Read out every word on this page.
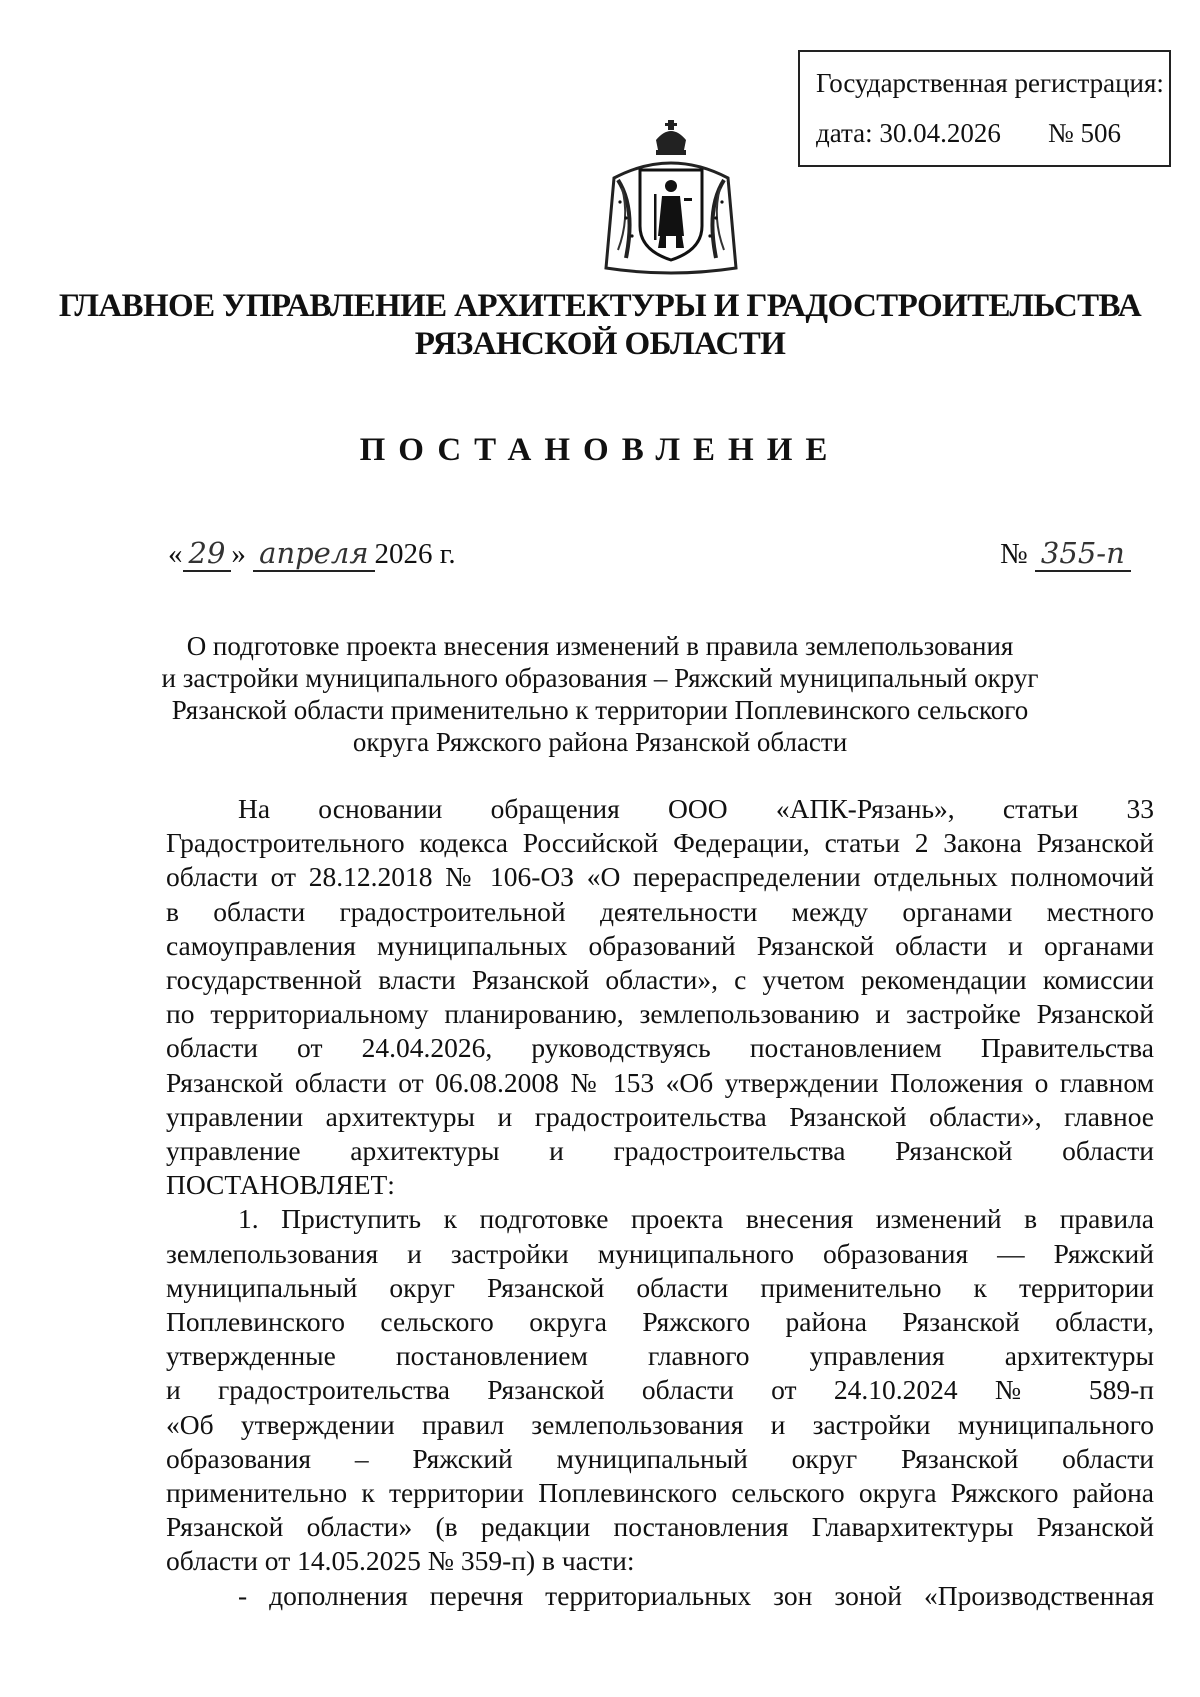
Государственная регистрация:
дата: 30.04.2026 № 506
ГЛАВНОЕ УПРАВЛЕНИЕ АРХИТЕКТУРЫ И ГРАДОСТРОИТЕЛЬСТВА
РЯЗАНСКОЙ ОБЛАСТИ
ПОСТАНОВЛЕНИЕ
« 29 » апреля 2026 г.	№ 355-п
О подготовке проекта внесения изменений в правила землепользования
и застройки муниципального образования – Ряжский муниципальный округ
Рязанской области применительно к территории Поплевинского сельского
округа Ряжского района Рязанской области
На основании обращения ООО «АПК-Рязань», статьи 33
Градостроительного кодекса Российской Федерации, статьи 2 Закона Рязанской
области от 28.12.2018 № 106-ОЗ «О перераспределении отдельных полномочий
в области градостроительной деятельности между органами местного
самоуправления муниципальных образований Рязанской области и органами
государственной власти Рязанской области», с учетом рекомендации комиссии
по территориальному планированию, землепользованию и застройке Рязанской
области от 24.04.2026, руководствуясь постановлением Правительства
Рязанской области от 06.08.2008 № 153 «Об утверждении Положения о главном
управлении архитектуры и градостроительства Рязанской области», главное
управление архитектуры и градостроительства Рязанской области
ПОСТАНОВЛЯЕТ:
1. Приступить к подготовке проекта внесения изменений в правила
землепользования и застройки муниципального образования — Ряжский
муниципальный округ Рязанской области применительно к территории
Поплевинского сельского округа Ряжского района Рязанской области,
утвержденные постановлением главного управления архитектуры
и градостроительства Рязанской области от 24.10.2024 № 589-п
«Об утверждении правил землепользования и застройки муниципального
образования – Ряжский муниципальный округ Рязанской области
применительно к территории Поплевинского сельского округа Ряжского района
Рязанской области» (в редакции постановления Главархитектуры Рязанской
области от 14.05.2025 № 359-п) в части:
- дополнения перечня территориальных зон зоной «Производственная
